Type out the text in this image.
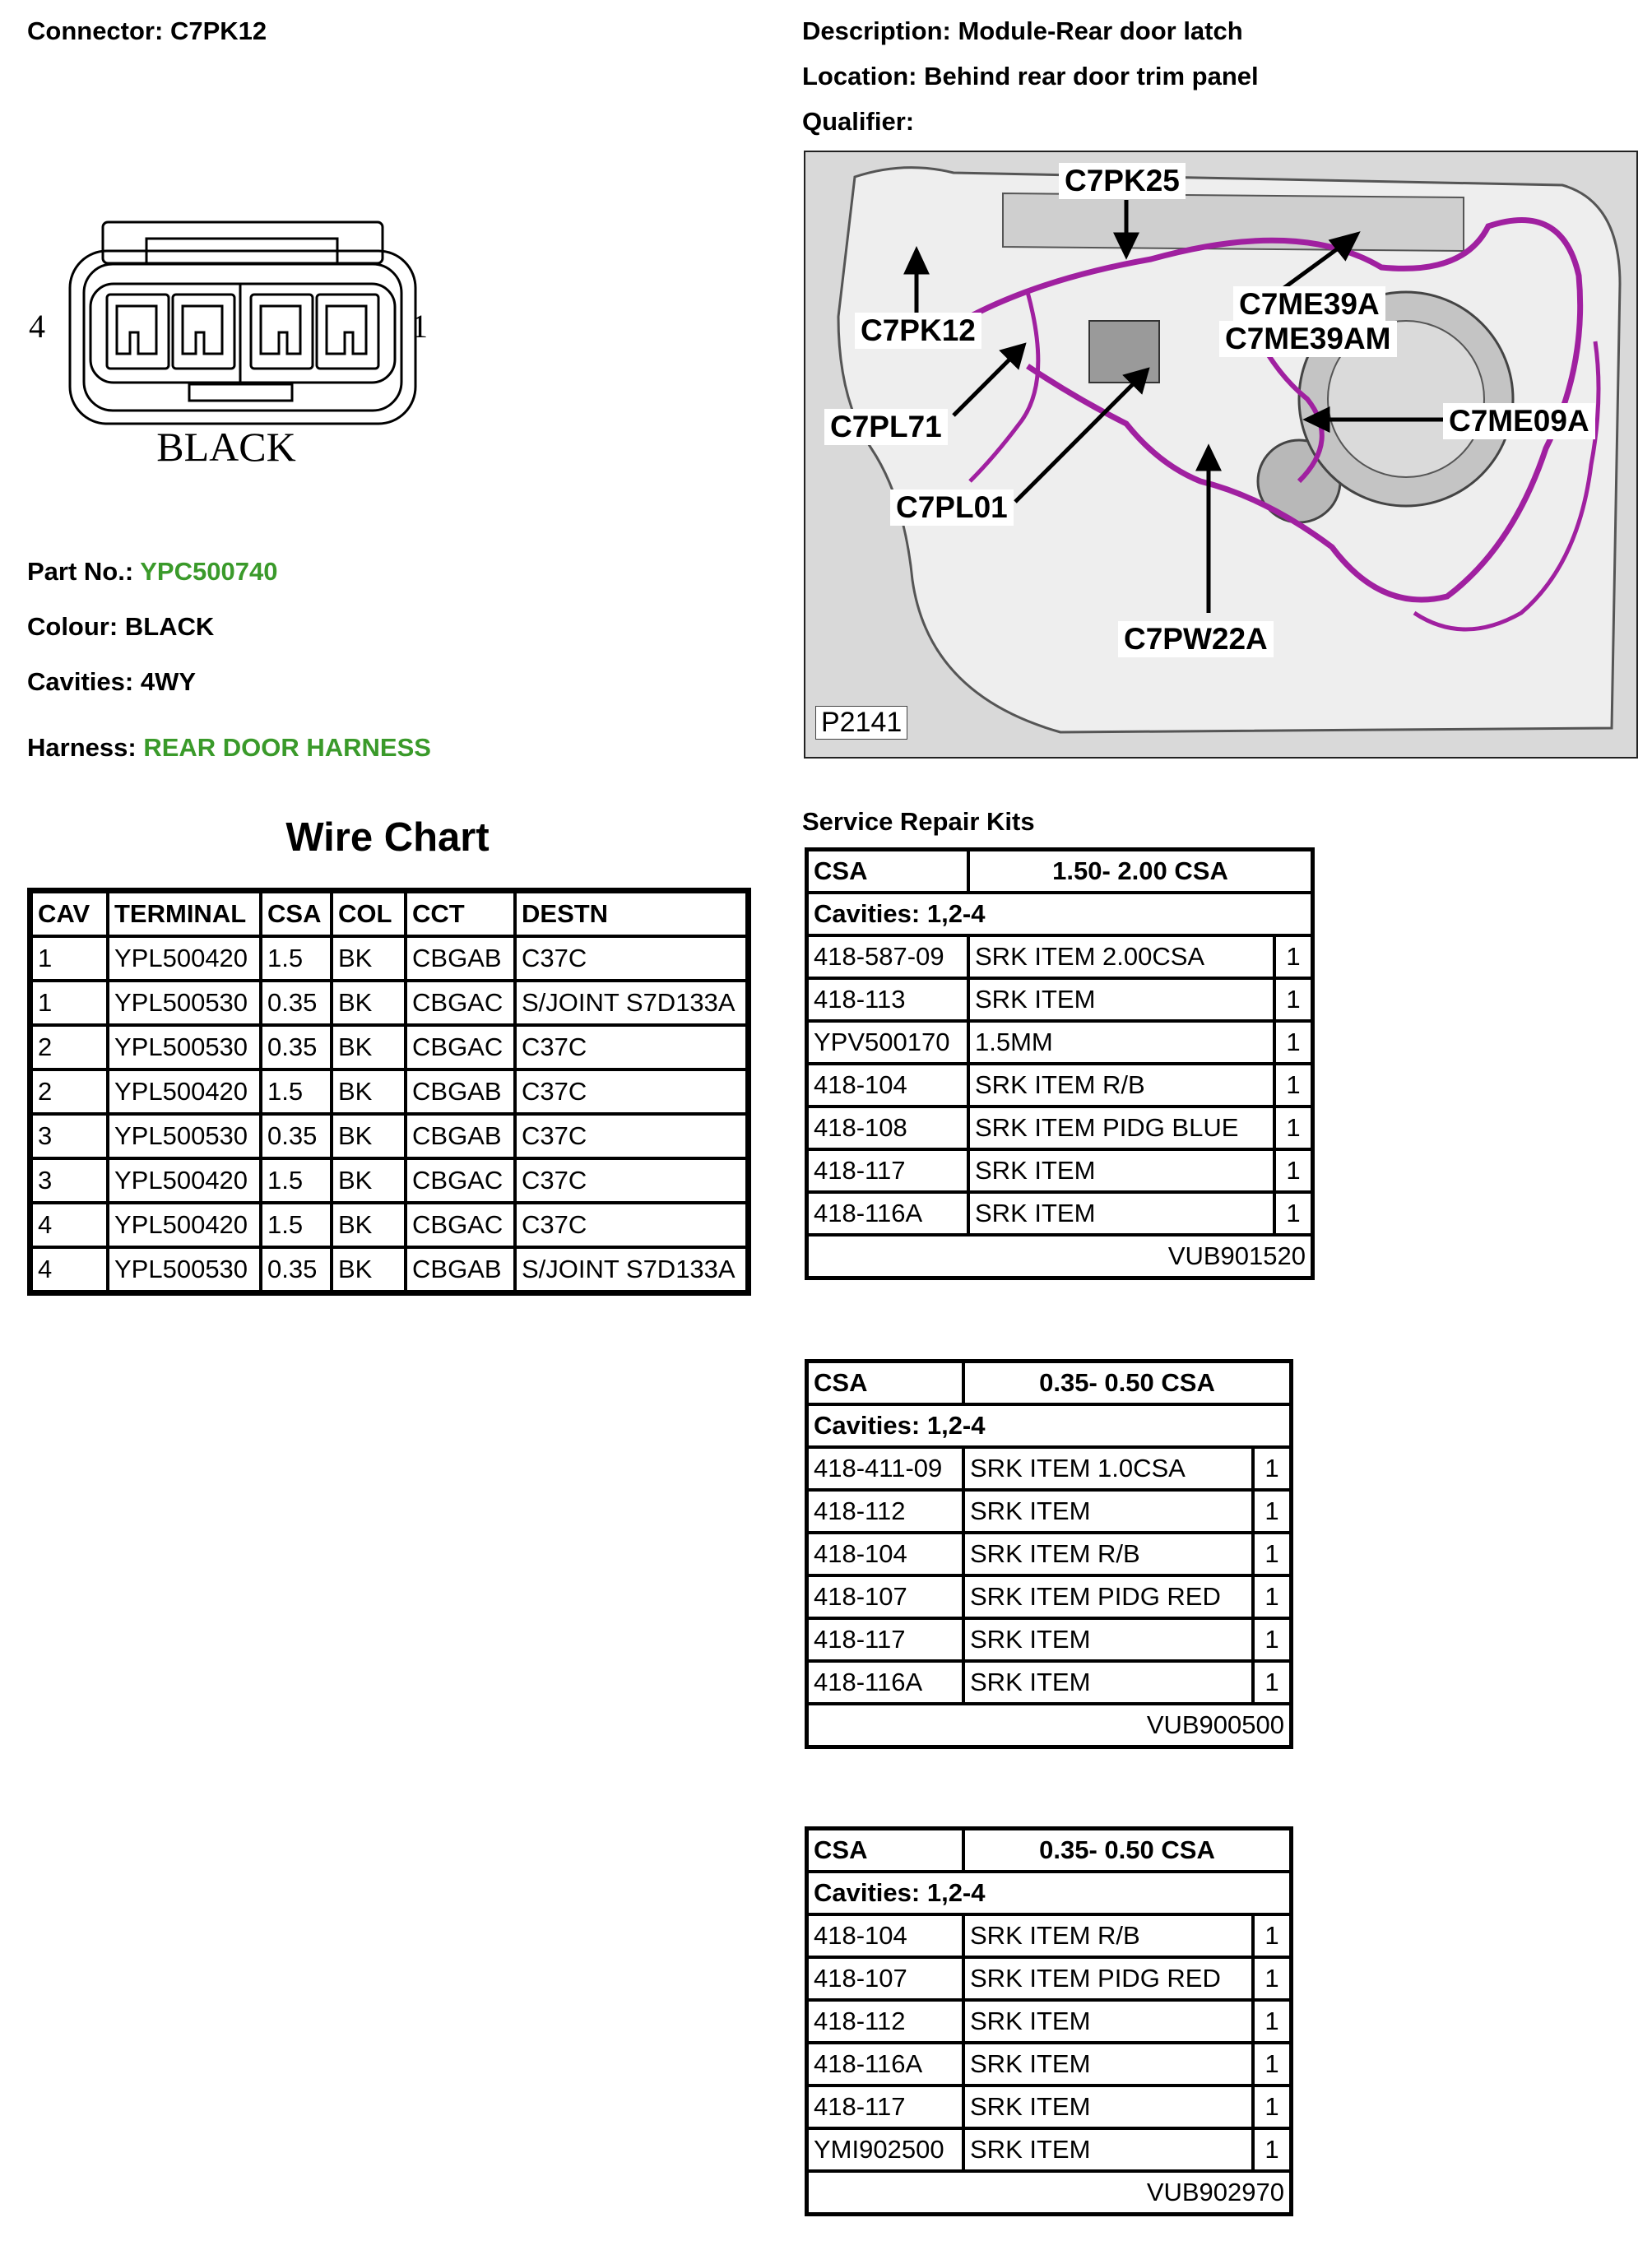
Connector: C7PK12	Description: Module-Rear door latch
Location: Behind rear door trim panel
Qualifier:
4	1
BLACK
Part No.: YPC500740
Colour: BLACK
Cavities: 4WY
Harness: REAR DOOR HARNESS
C7PK25
C7PK12
C7ME39A
C7ME39AM
C7PL71	C7ME09A
C7PL01
C7PW22A
P2141
Wire Chart
CAV	TERMINAL	CSA	COL	CCT	DESTN
1	YPL500420	1.5	BK	CBGAB	C37C
1	YPL500530	0.35	BK	CBGAC	S/JOINT S7D133A
2	YPL500530	0.35	BK	CBGAC	C37C
2	YPL500420	1.5	BK	CBGAB	C37C
3	YPL500530	0.35	BK	CBGAB	C37C
3	YPL500420	1.5	BK	CBGAC	C37C
4	YPL500420	1.5	BK	CBGAC	C37C
4	YPL500530	0.35	BK	CBGAB	S/JOINT S7D133A
Service Repair Kits
CSA	1.50- 2.00 CSA	
Cavities: 1,2-4		
418-587-09	SRK ITEM 2.00CSA	1
418-113	SRK ITEM	1
YPV500170	1.5MM	1
418-104	SRK ITEM R/B	1
418-108	SRK ITEM PIDG BLUE	1
418-117	SRK ITEM	1
418-116A	SRK ITEM	1
VUB901520		
CSA	0.35- 0.50 CSA	
Cavities: 1,2-4		
418-411-09	SRK ITEM 1.0CSA	1
418-112	SRK ITEM	1
418-104	SRK ITEM R/B	1
418-107	SRK ITEM PIDG RED	1
418-117	SRK ITEM	1
418-116A	SRK ITEM	1
VUB900500		
CSA	0.35- 0.50 CSA	
Cavities: 1,2-4		
418-104	SRK ITEM R/B	1
418-107	SRK ITEM PIDG RED	1
418-112	SRK ITEM	1
418-116A	SRK ITEM	1
418-117	SRK ITEM	1
YMI902500	SRK ITEM	1
VUB902970		
